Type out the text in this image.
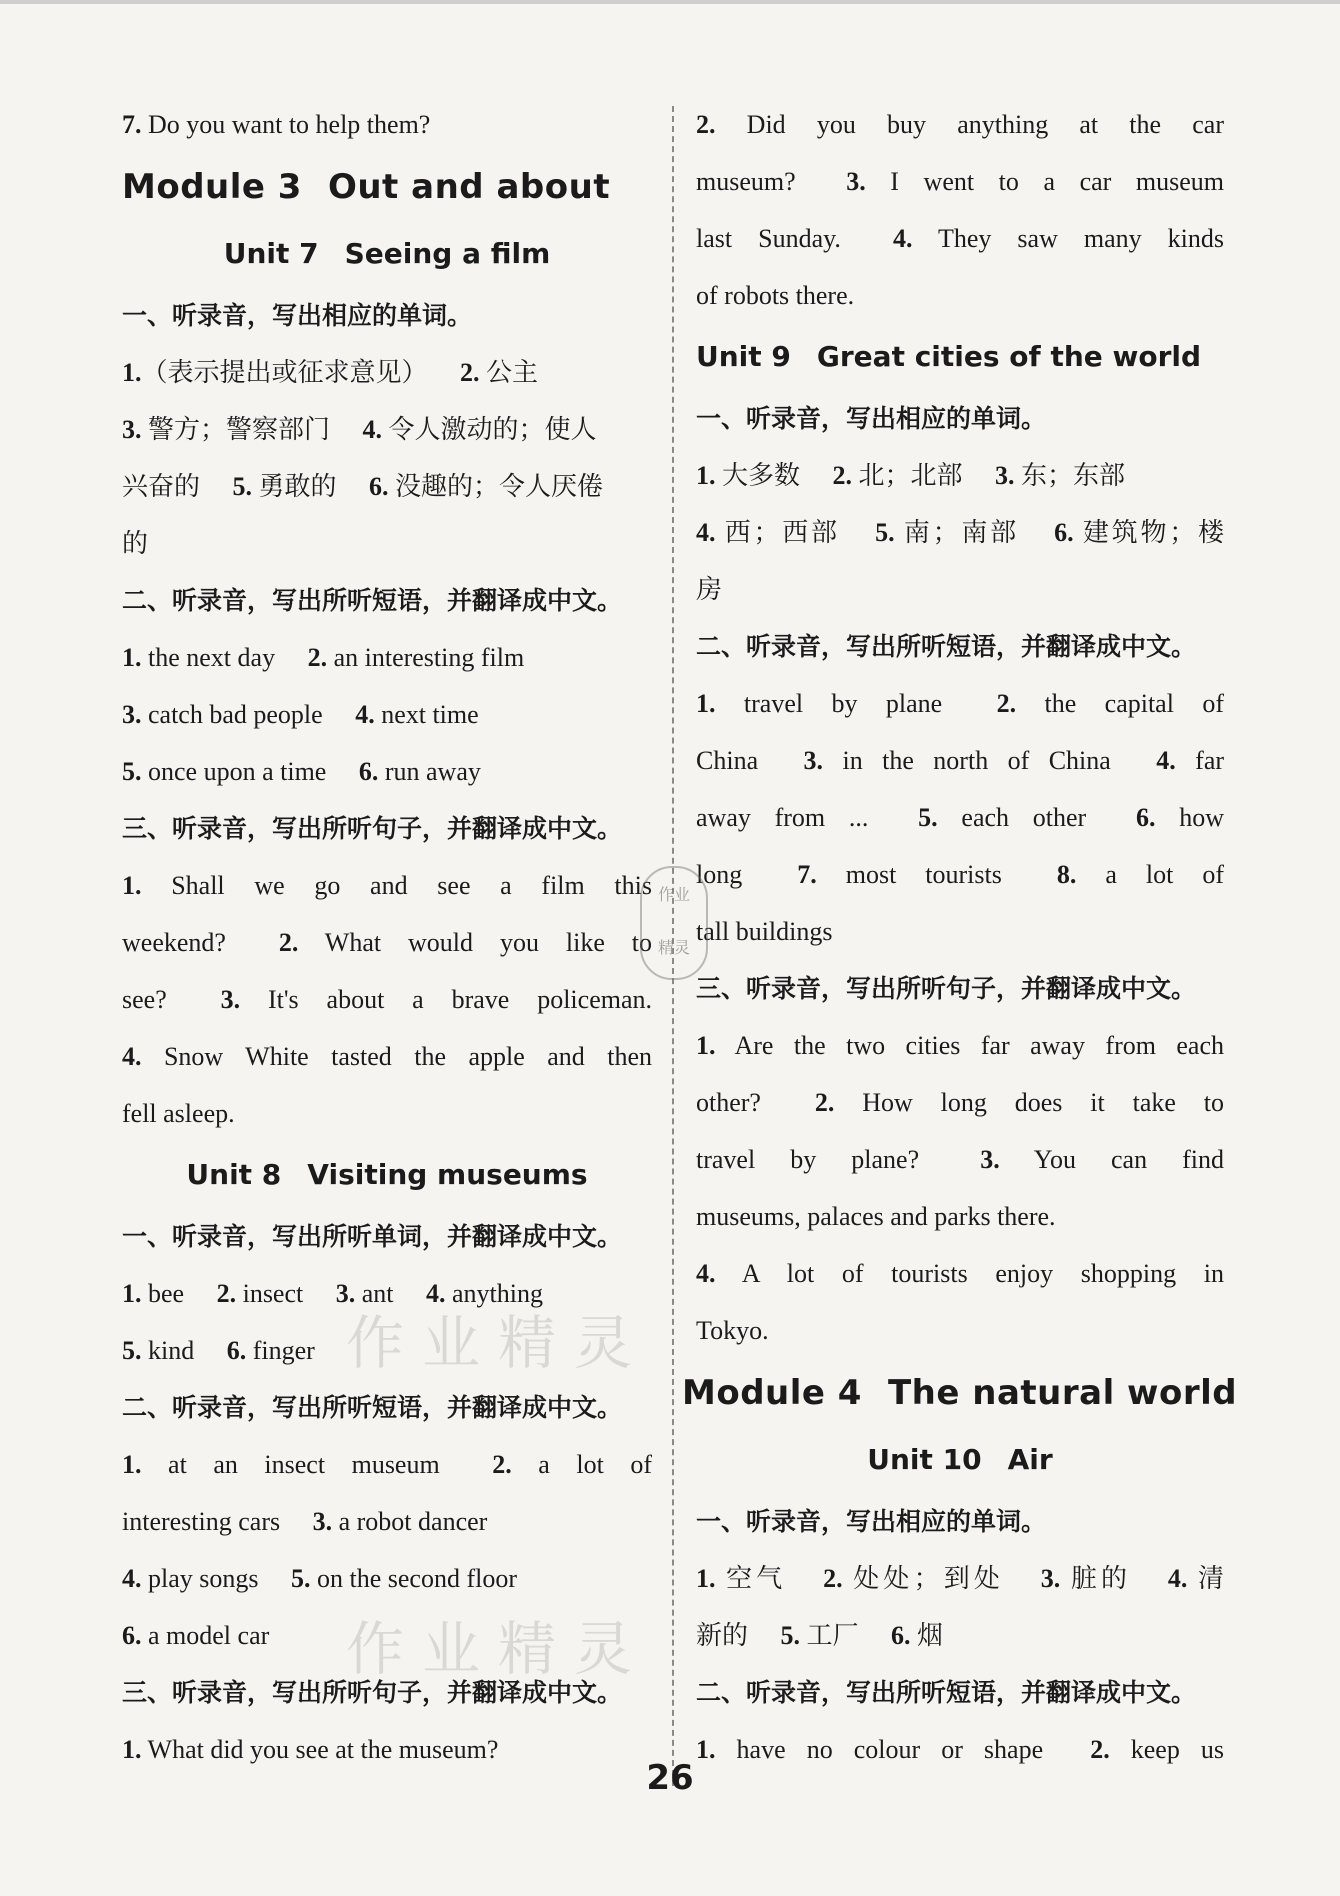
7. Do you want to help them?
Module 3 Out and about
Unit 7 Seeing a film
一、听录音，写出相应的单词。
1.（表示提出或征求意见）  2. 公主
3. 警方；警察部门  4. 令人激动的；使人
兴奋的  5. 勇敢的  6. 没趣的；令人厌倦
的
二、听录音，写出所听短语，并翻译成中文。
1. the next day  2. an interesting film
3. catch bad people  4. next time
5. once upon a time  6. run away
三、听录音，写出所听句子，并翻译成中文。
1. Shall we go and see a film this
weekend?  2. What would you like to
see?  3. It's about a brave policeman.
4. Snow White tasted the apple and then
fell asleep.
Unit 8 Visiting museums
一、听录音，写出所听单词，并翻译成中文。
1. bee  2. insect  3. ant  4. anything
5. kind  6. finger
二、听录音，写出所听短语，并翻译成中文。
1. at an insect museum  2. a lot of
interesting cars  3. a robot dancer
4. play songs  5. on the second floor
6. a model car
三、听录音，写出所听句子，并翻译成中文。
1. What did you see at the museum?
2. Did you buy anything at the car
museum?  3. I went to a car museum
last Sunday.  4. They saw many kinds
of robots there.
Unit 9 Great cities of the world
一、听录音，写出相应的单词。
1. 大多数  2. 北；北部  3. 东；东部
4. 西；西部  5. 南；南部  6. 建筑物；楼
房
二、听录音，写出所听短语，并翻译成中文。
1. travel by plane  2. the capital of
China  3. in the north of China  4. far
away from ...  5. each other  6. how
long  7. most tourists  8. a lot of
tall buildings
三、听录音，写出所听句子，并翻译成中文。
1. Are the two cities far away from each
other?  2. How long does it take to
travel by plane?  3. You can find
museums, palaces and parks there.
4. A lot of tourists enjoy shopping in
Tokyo.
Module 4 The natural world
Unit 10 Air
一、听录音，写出相应的单词。
1. 空气  2. 处处；到处  3. 脏的  4. 清
新的  5. 工厂  6. 烟
二、听录音，写出所听短语，并翻译成中文。
1. have no colour or shape  2. keep us
作业精灵
作业精灵
作业
精灵
26
